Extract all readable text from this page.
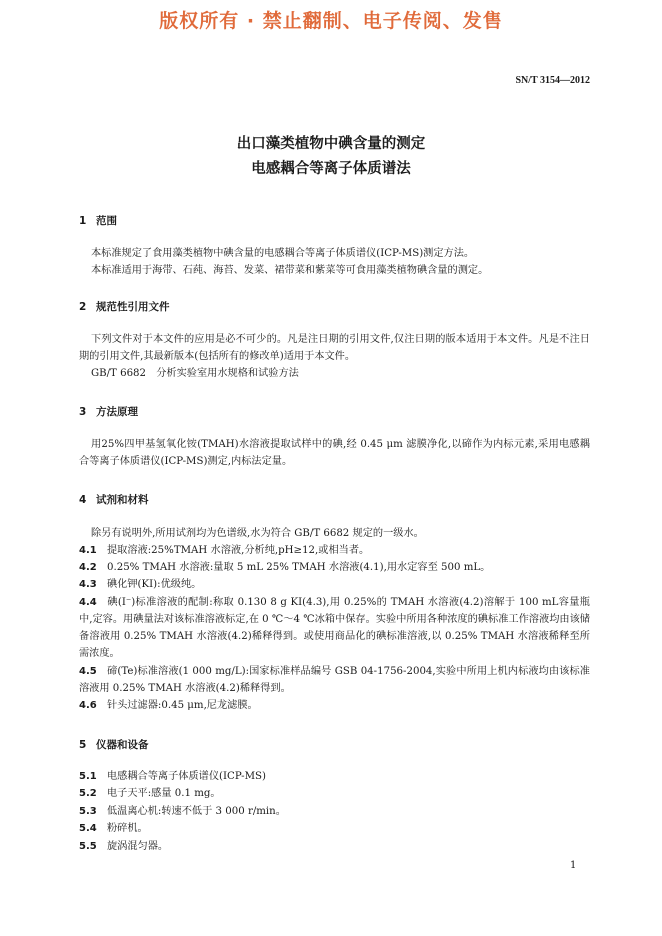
版权所有 · 禁止翻制、电子传阅、发售
SN/T 3154—2012
出口藻类植物中碘含量的测定
电感耦合等离子体质谱法
1 范围
本标准规定了食用藻类植物中碘含量的电感耦合等离子体质谱仪(ICP-MS)测定方法。
本标准适用于海带、石莼、海苔、发菜、裙带菜和紫菜等可食用藻类植物碘含量的测定。
2 规范性引用文件
下列文件对于本文件的应用是必不可少的。凡是注日期的引用文件,仅注日期的版本适用于本文件。凡是不注日期的引用文件,其最新版本(包括所有的修改单)适用于本文件。
GB/T 6682　分析实验室用水规格和试验方法
3 方法原理
用25%四甲基氢氧化铵(TMAH)水溶液提取试样中的碘,经 0.45 μm 滤膜净化,以碲作为内标元素,采用电感耦合等离子体质谱仪(ICP-MS)测定,内标法定量。
4 试剂和材料
除另有说明外,所用试剂均为色谱级,水为符合 GB/T 6682 规定的一级水。
4.1 提取溶液:25%TMAH 水溶液,分析纯,pH≥12,或相当者。
4.2 0.25% TMAH 水溶液:量取 5 mL 25% TMAH 水溶液(4.1),用水定容至 500 mL。
4.3 碘化钾(KI):优级纯。
4.4 碘(I⁻)标准溶液的配制:称取 0.130 8 g KI(4.3),用 0.25%的 TMAH 水溶液(4.2)溶解于 100 mL容量瓶中,定容。用碘量法对该标准溶液标定,在 0 ℃～4 ℃冰箱中保存。实验中所用各种浓度的碘标准工作溶液均由该储备溶液用 0.25% TMAH 水溶液(4.2)稀释得到。或使用商品化的碘标准溶液,以 0.25% TMAH 水溶液稀释至所需浓度。
4.5 碲(Te)标准溶液(1 000 mg/L):国家标准样品编号 GSB 04-1756-2004,实验中所用上机内标液均由该标准溶液用 0.25% TMAH 水溶液(4.2)稀释得到。
4.6 针头过滤器:0.45 μm,尼龙滤膜。
5 仪器和设备
5.1 电感耦合等离子体质谱仪(ICP-MS)
5.2 电子天平:感量 0.1 mg。
5.3 低温离心机:转速不低于 3 000 r/min。
5.4 粉碎机。
5.5 旋涡混匀器。
1
